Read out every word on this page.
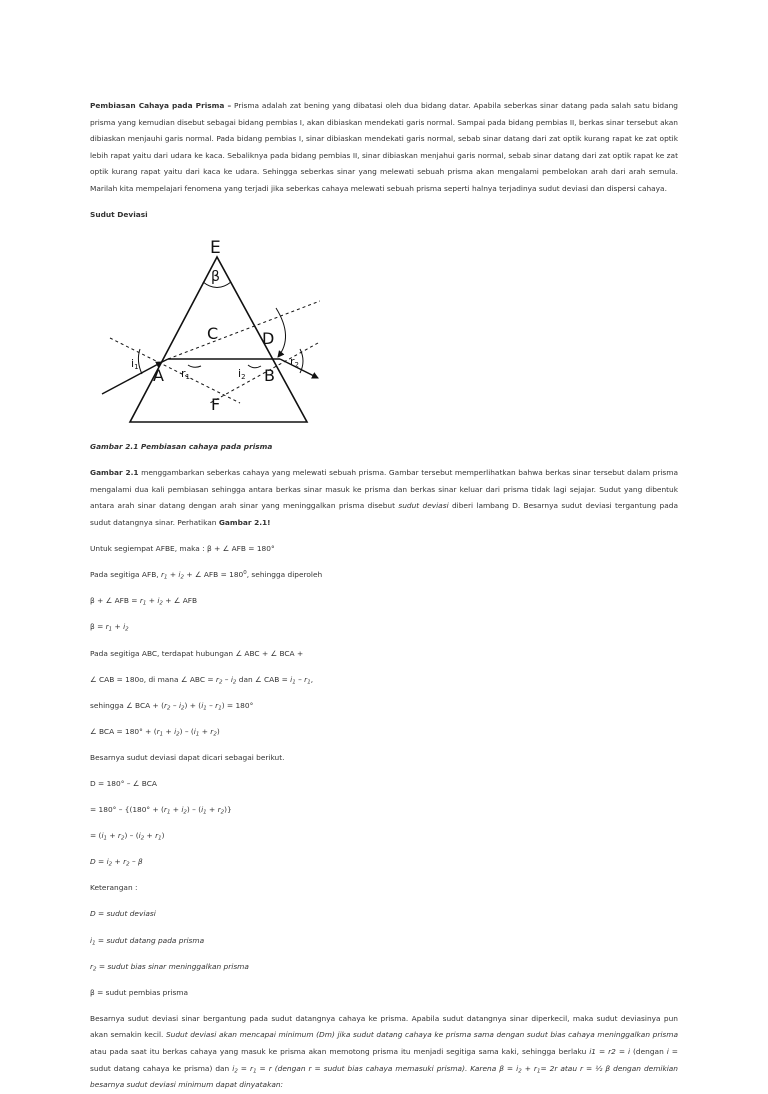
Pembiasan Cahaya pada Prisma – Prisma adalah zat bening yang dibatasi oleh dua bidang datar. Apabila seberkas sinar datang pada salah satu bidang prisma yang kemudian disebut sebagai bidang pembias I, akan dibiaskan mendekati garis normal. Sampai pada bidang pembias II, berkas sinar tersebut akan dibiaskan menjauhi garis normal. Pada bidang pembias I, sinar dibiaskan mendekati garis normal, sebab sinar datang dari zat optik kurang rapat ke zat optik lebih rapat yaitu dari udara ke kaca. Sebaliknya pada bidang pembias II, sinar dibiaskan menjahui garis normal, sebab sinar datang dari zat optik rapat ke zat optik kurang rapat yaitu dari kaca ke udara. Sehingga seberkas sinar yang melewati sebuah prisma akan mengalami pembelokan arah dari arah semula. Marilah kita mempelajari fenomena yang terjadi jika seberkas cahaya melewati sebuah prisma seperti halnya terjadinya sudut deviasi dan dispersi cahaya.

Sudut Deviasi

E
β
C	D
i1 A r1	i2 B
r2
F

Gambar 2.1 Pembiasan cahaya pada prisma

Gambar 2.1 menggambarkan seberkas cahaya yang melewati sebuah prisma. Gambar tersebut memperlihatkan bahwa berkas sinar tersebut dalam prisma mengalami dua kali pembiasan sehingga antara berkas sinar masuk ke prisma dan berkas sinar keluar dari prisma tidak lagi sejajar. Sudut yang dibentuk antara arah sinar datang dengan arah sinar yang meninggalkan prisma disebut sudut deviasi diberi lambang D. Besarnya sudut deviasi tergantung pada sudut datangnya sinar. Perhatikan Gambar 2.1!

Untuk segiempat AFBE, maka : β + ∠ AFB = 180°

Pada segitiga AFB, $r_1 + i_2$ + ∠ AFB = $180^0$, sehingga diperoleh

β + ∠ AFB = $r_1 + i_2$ + ∠ AFB

$\beta = r_1 + i_2$

Pada segitiga ABC, terdapat hubungan ∠ ABC + ∠ BCA +

∠ CAB = 180o, di mana ∠ ABC = $r_2 - i_2$ dan ∠ CAB = $i_1 - r_1$,

sehingga ∠ BCA + $(r_2 - i_2) + (i_1 - r_1) = 180^\circ$

∠ BCA = $180^\circ + (r_1 + i_2) - (i_1 + r_2)$

Besarnya sudut deviasi dapat dicari sebagai berikut.

D = 180° – ∠ BCA

= $180^\circ - \{(180^\circ + (r_1 + i_2) - (i_1 + r_2)\}$

= $(i_1 + r_2) - (i_2 + r_1)$

$D = i_2 + r_2 - \beta$

Keterangan :

D = sudut deviasi

$i_1$ = sudut datang pada prisma

$r_2$ = sudut bias sinar meninggalkan prisma

β = sudut pembias prisma

Besarnya sudut deviasi sinar bergantung pada sudut datangnya cahaya ke prisma. Apabila sudut datangnya sinar diperkecil, maka sudut deviasinya pun akan semakin kecil. Sudut deviasi akan mencapai minimum (Dm) jika sudut datang cahaya ke prisma sama dengan sudut bias cahaya meninggalkan prisma atau pada saat itu berkas cahaya yang masuk ke prisma akan memotong prisma itu menjadi segitiga sama kaki, sehingga berlaku i1 = r2 = i (dengan i = sudut datang cahaya ke prisma) dan $i_2 = r_1 = r$ (dengan r = sudut bias cahaya memasuki prisma). Karena $\beta = i_2 + r_1= 2r$ atau r = ½ β dengan demikian besarnya sudut deviasi minimum dapat dinyatakan:
